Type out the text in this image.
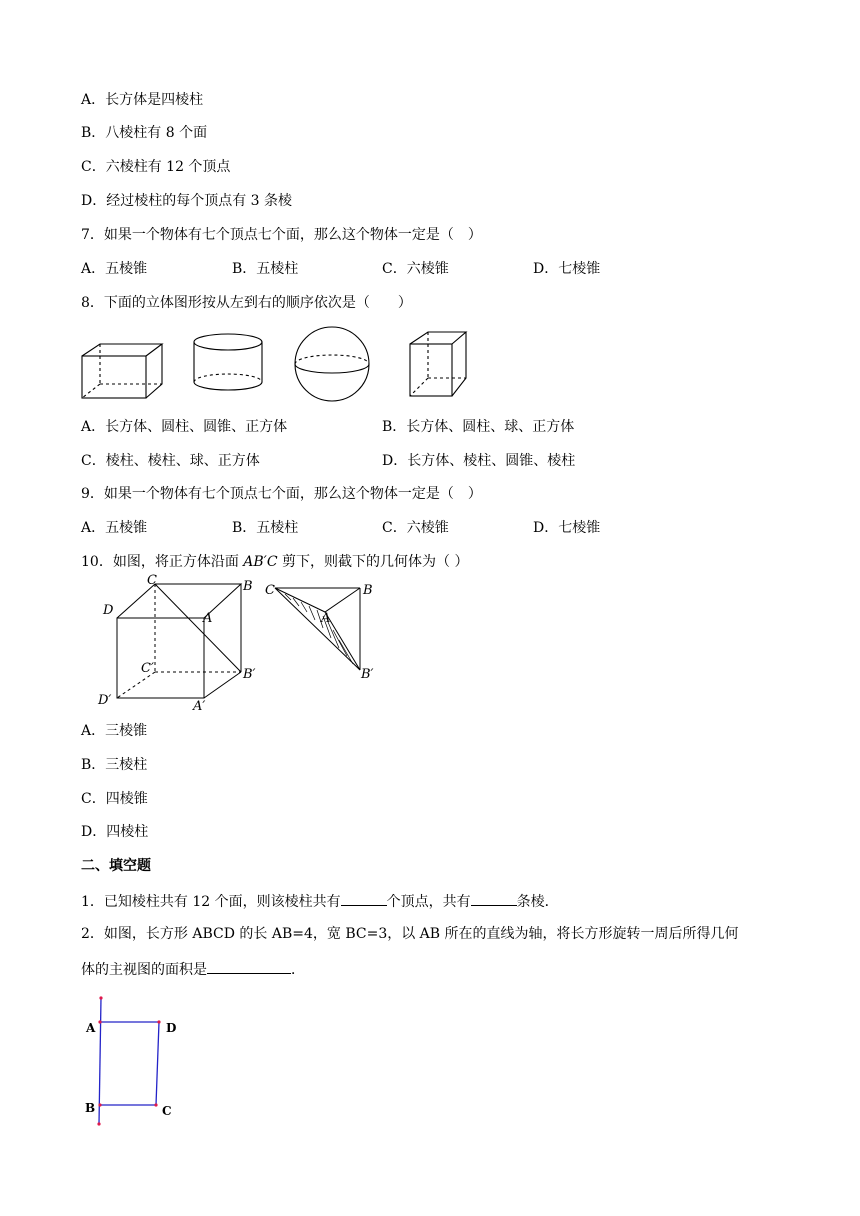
A．长方体是四棱柱
B．八棱柱有 8 个面
C．六棱柱有 12 个顶点
D．经过棱柱的每个顶点有 3 条棱
7．如果一个物体有七个顶点七个面，那么这个物体一定是（　）
A．五棱锥	B．五棱柱	C．六棱锥	D．七棱锥
8．下面的立体图形按从左到右的顺序依次是（　　）
A．长方体、圆柱、圆锥、正方体	B．长方体、圆柱、球、正方体
C．棱柱、棱柱、球、正方体	D．长方体、棱柱、圆锥、棱柱
9．如果一个物体有七个顶点七个面，那么这个物体一定是（　）
A．五棱锥	B．五棱柱	C．六棱锥	D．七棱锥
10．如图，将正方体沿面 AB′C 剪下，则截下的几何体为（ ）
C	B
D
A
C′	B′
D′	A′
C	B
A
B′
A．三棱锥
B．三棱柱
C．四棱锥
D．四棱柱
二、填空题
1．已知棱柱共有 12 个面，则该棱柱共有	个顶点，共有	条棱．
2．如图，长方形 ABCD 的长 AB=4，宽 BC=3，以 AB 所在的直线为轴，将长方形旋转一周后所得几何
体的主视图的面积是	．
A	D
B	C
